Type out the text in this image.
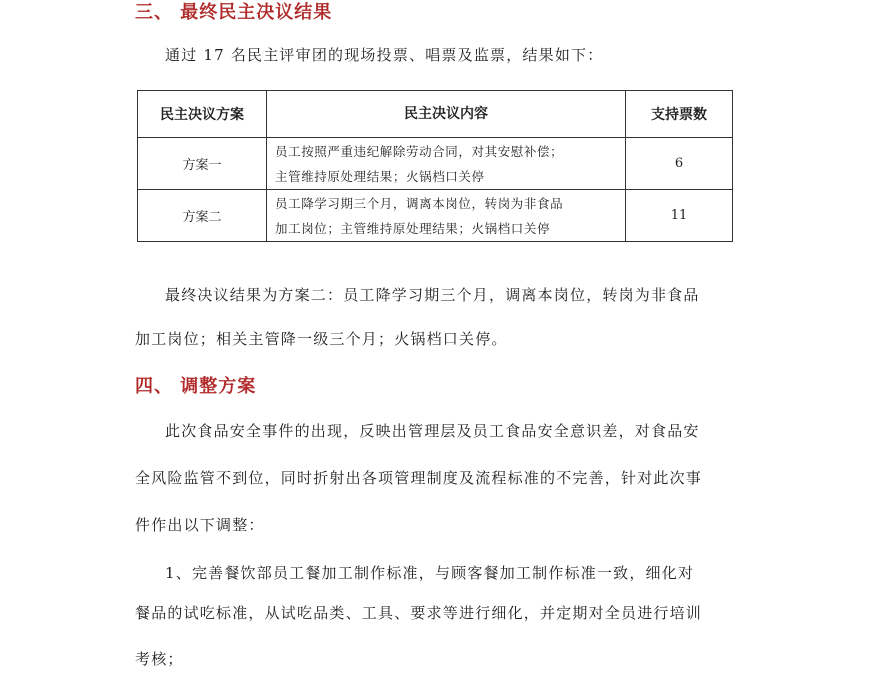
三、 最终民主决议结果
通过 17 名民主评审团的现场投票、唱票及监票，结果如下：
民主决议方案	民主决议内容	支持票数
方案一	员工按照严重违纪解除劳动合同，对其安慰补偿；
主管维持原处理结果；火锅档口关停	6
方案二	员工降学习期三个月，调离本岗位，转岗为非食品
加工岗位；主管维持原处理结果；火锅档口关停	11
最终决议结果为方案二：员工降学习期三个月，调离本岗位，转岗为非食品
加工岗位；相关主管降一级三个月；火锅档口关停。
四、 调整方案
此次食品安全事件的出现，反映出管理层及员工食品安全意识差，对食品安
全风险监管不到位，同时折射出各项管理制度及流程标准的不完善，针对此次事
件作出以下调整：
1、完善餐饮部员工餐加工制作标准，与顾客餐加工制作标准一致，细化对
餐品的试吃标准，从试吃品类、工具、要求等进行细化，并定期对全员进行培训
考核；
